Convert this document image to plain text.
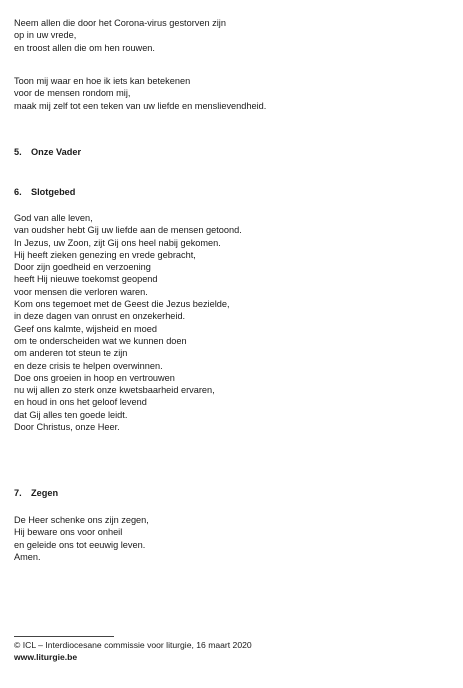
Neem allen die door het Corona-virus gestorven zijn
op in uw vrede,
en troost allen die om hen rouwen.
Toon mij waar en hoe ik iets kan betekenen
voor de mensen rondom mij,
maak mij zelf tot een teken van uw liefde en menslievendheid.
5. Onze Vader
6. Slotgebed
God van alle leven,
van oudsher hebt Gij uw liefde aan de mensen getoond.
In Jezus, uw Zoon, zijt Gij ons heel nabij gekomen.
Hij heeft zieken genezing en vrede gebracht,
Door zijn goedheid en verzoening
heeft Hij nieuwe toekomst geopend
voor mensen die verloren waren.
Kom ons tegemoet met de Geest die Jezus bezielde,
in deze dagen van onrust en onzekerheid.
Geef ons kalmte, wijsheid en moed
om te onderscheiden wat we kunnen doen
om anderen tot steun te zijn
en deze crisis te helpen overwinnen.
Doe ons groeien in hoop en vertrouwen
nu wij allen zo sterk onze kwetsbaarheid ervaren,
en houd in ons het geloof levend
dat Gij alles ten goede leidt.
Door Christus, onze Heer.
7. Zegen
De Heer schenke ons zijn zegen,
Hij beware ons voor onheil
en geleide ons tot eeuwig leven.
Amen.
© ICL – Interdiocesane commissie voor liturgie, 16 maart 2020
www.liturgie.be
